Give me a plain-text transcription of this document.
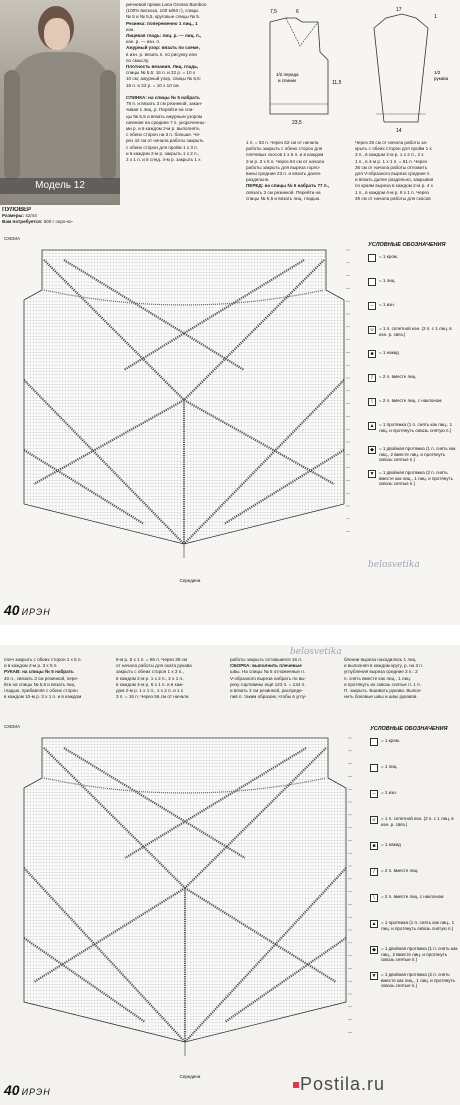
Модель 12
ПУЛОВЕР
Размеры: 42/44
Вам потребуется: 500 г серо-ко-
ричневой пряжи Lana Grossa Bamboo
(100% вискоза, 100 м/50 г), спицы
№ 5 и № 5,5, круговые спицы № 5.
Резинка: попеременно 1 лиц., 1
изн.
Лицевая гладь: лиц. р. — лиц. п.,
изн. р. — изн. п.
Ажурный узор: вязать по схеме,
в изн. р. вязать п. по рисунку или
по смыслу.
Плотность вязания. Лиц. гладь,
спицы № 5,5: 16 п. и 22 р. = 10 х
10 см; ажурный узор, спицы № 5,5:
16 п. и 23 р. = 10 х 10 см.

СПИНКА: на спицы № 5 набрать
79 п. и вязать 3 см резинкой, закан-
чивая 1 лиц. р. Перейти на спи-
цы № 5,5 и вязать ажурным узором
начиная на средине 7 п. укороченны-
ми р. и в каждом 2-м р. выполнять
с обеих сторон на 3 п. больше. Че-
рез 42 см от начала работы закрыть
с обеих сторон для пройм 1 х 3 п.
и в каждом 2-м р. закрыть 1 х 2 п.,
2 х 1 п. и в след. 4-м р. закрыть 1 х
1 п. = 63 п. Через 62 см от начала
работы закрыть с обеих сторон для
плечевых скосов 1 х 5 п. и в каждом
2-м р. 3 х 5 п. Через 64 см от начала
работы закрыть для выреза горло-
вины средние 23 п. и вязать далее
раздельно.
ПЕРЕД: на спицы № 5 набрать 77 п.,
связать 3 см резинкой. Перейти на
спицы № 5,5 и вязать лиц. гладью.
Через 25 см от начала работы за-
крыть с обеих сторон для пройм 1 х
3 п., в каждом 2-м р. 1 х 2 п., 2 х
1 п., в 4-м р. 1 х 1 п. = 61 п. Через
36 см от начала работы отложить
для V-образного выреза средние п.
и вязать далее раздельно, закрывая
по краям выреза в каждом 2-м р. 4 х
1 п., в каждом 4-м р. 8 х 1 п. Через
49 см от начала работы для скосов
7,5	6
11,5
1/2 переда
и спинки
23,5
17
1
1/2
рукава
14
СХЕМА
Середина
УСЛОВНЫЕ ОБОЗНАЧЕНИЯ
= 1 кром.
= 1 лиц.
–	= 1 изн.
∪	= 1 п. сплетной изн. (2 п. с 1 лиц. в изн. р. связ.)
■	= 1 накид
/	= 2 п. вместе лиц.
\	= 2 п. вместе лиц. с наклоном
▲	= 1 протяжка (1 п. снять как лиц., 1 лиц. и протянуть сквозь снятую п.)
◆	= 1 двойная протяжка (1 п. снять как лиц., 2 вместе лиц. и протянуть сквозь снятые п.)
▼	= 1 двойная протяжка (2 п. снять вместе как лиц., 1 лиц. и протянуть сквозь снятые п.)
belosvetika
40 ИРЭН
belosvetika
плеч закрыть с обеих сторон 1 х 5 п.
и в каждом 2-м р. 3 х 5 п.
РУКАВ: на спицы № 5 набрать
40 п., связать 3 см резинкой, пере-
йти на спицы № 5,5 и вязать лиц.
гладью, прибавляя с обеих сторон
в каждом 10-м р. 3 х 1 п. и в каждом
8-м р. 5 х 1 п. = 56 п. Через 38 см
от начала работы для оката рукава
закрыть с обеих сторон 1 х 3 п.,
в каждом 2-м р. 1 х 2 п., 2 х 1 п.,
в каждом 4-м р. 6 х 1 п. и в каж-
дом 2-м р. 1 х 1 п., 1 х 2 п. и 1 х
3 п. = 16 п. Через 56 см от начала
работы закрыть оставшиеся 16 п.
СБОРКА: выполнить плечевые
швы. На спицы № 5 отложенные п.
V-образного выреза набрать по вы-
резу горловины ещё 123 п. = 134 п.
и вязать 3 см резинкой, распреде-
лив п. таким образом, чтобы в углу-
блении выреза находилась 1 лиц.
и выполняя в каждом кругу. р. на 3 п.
углубления выреза средние 3 п.: 2
п. снять вместе как лиц., 1 лиц.
и протянуть их сквозь снятые п. 1 п.
П. закрыть. Вшивать рукава. Выпол-
нить боковые швы и швы рукавов.
СХЕМА
Середина
УСЛОВНЫЕ ОБОЗНАЧЕНИЯ
= 1 кром.
= 1 лиц.
–	= 1 изн.
∪	= 1 п. сплетной изн. (2 п. с 1 лиц. в изн. р. связ.)
■	= 1 накид
/	= 2 п. вместе лиц.
\	= 2 п. вместе лиц. с наклоном
▲	= 1 протяжка (1 п. снять как лиц., 1 лиц. и протянуть сквозь снятую п.)
◆	= 1 двойная протяжка (1 п. снять как лиц., 2 вместе лиц. и протянуть сквозь снятые п.)
▼	= 1 двойная протяжка (2 п. снять вместе как лиц., 1 лиц. и протянуть сквозь снятые п.)
40 ИРЭН	Postila.ru
